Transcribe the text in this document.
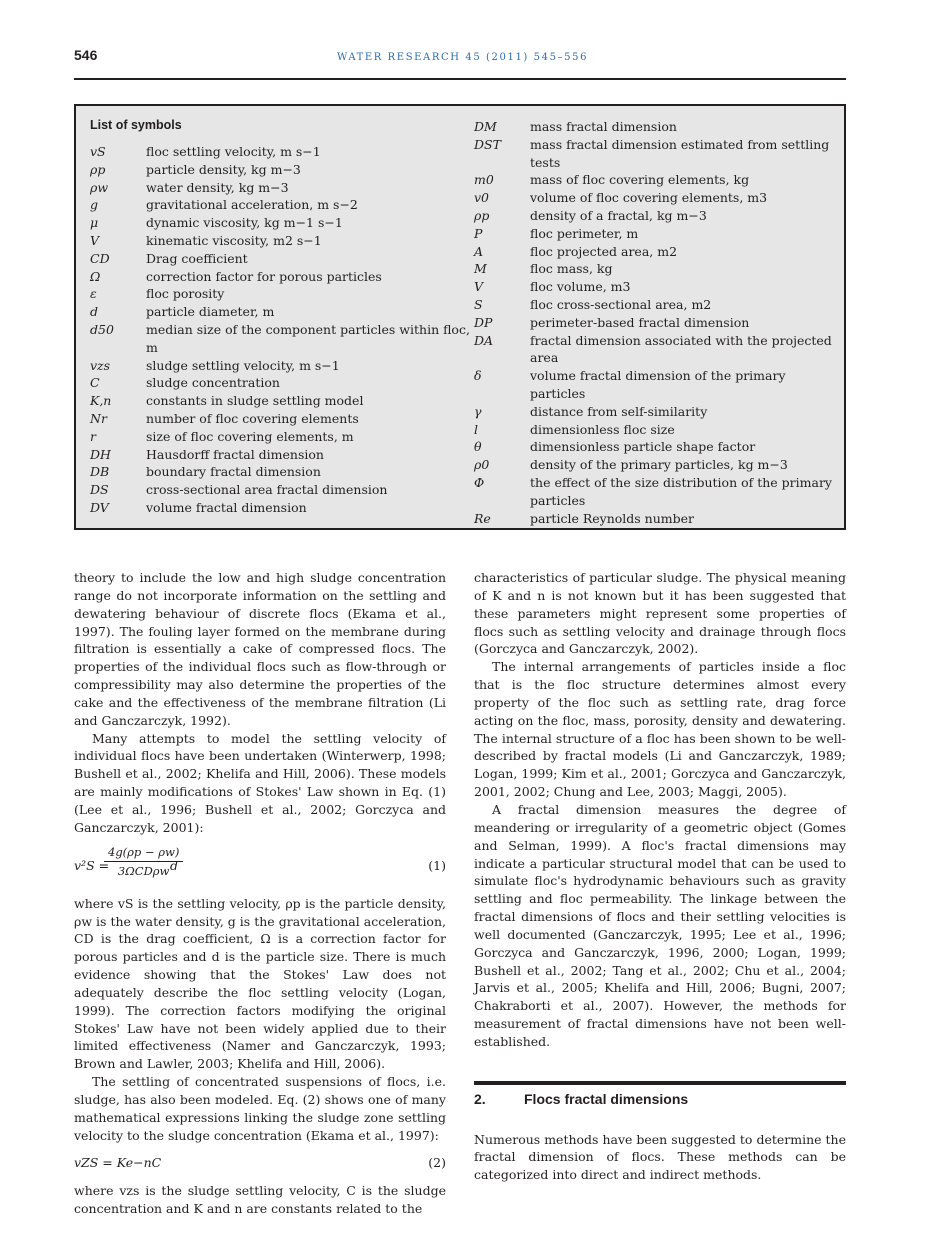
546	WATER RESEARCH 45 (2011) 545–556
List of symbols
vS	floc settling velocity, m s−1
ρp	particle density, kg m−3
ρw	water density, kg m−3
g	gravitational acceleration, m s−2
μ	dynamic viscosity, kg m−1 s−1
V	kinematic viscosity, m2 s−1
CD	Drag coefficient
Ω	correction factor for porous particles
ε	floc porosity
d	particle diameter, m
d50	median size of the component particles within floc, m
vzs	sludge settling velocity, m s−1
C	sludge concentration
K,n	constants in sludge settling model
Nr	number of floc covering elements
r	size of floc covering elements, m
DH	Hausdorff fractal dimension
DB	boundary fractal dimension
DS	cross-sectional area fractal dimension
DV	volume fractal dimension
DM	mass fractal dimension
DST	mass fractal dimension estimated from settling tests
m0	mass of floc covering elements, kg
v0	volume of floc covering elements, m3
ρp	density of a fractal, kg m−3
P	floc perimeter, m
A	floc projected area, m2
M	floc mass, kg
V	floc volume, m3
S	floc cross-sectional area, m2
DP	perimeter-based fractal dimension
DA	fractal dimension associated with the projected area
δ	volume fractal dimension of the primary particles
γ	distance from self-similarity
l	dimensionless floc size
θ	dimensionless particle shape factor
ρ0	density of the primary particles, kg m−3
Φ	the effect of the size distribution of the primary particles
Re	particle Reynolds number

theory to include the low and high sludge concentration range do not incorporate information on the settling and dewatering behaviour of discrete flocs (Ekama et al., 1997). The fouling layer formed on the membrane during filtration is essentially a cake of compressed flocs. The properties of the individual flocs such as flow-through or compressibility may also determine the properties of the cake and the effectiveness of the membrane filtration (Li and Ganczarczyk, 1992).

Many attempts to model the settling velocity of individual flocs have been undertaken (Winterwerp, 1998; Bushell et al., 2002; Khelifa and Hill, 2006). These models are mainly modifications of Stokes' Law shown in Eq. (1) (Lee et al., 1996; Bushell et al., 2002; Gorczyca and Ganczarczyk, 2001):

v²S =
4g(ρp − ρw)
3ΩCDρw d	(1)

where vS is the settling velocity, ρp is the particle density, ρw is the water density, g is the gravitational acceleration, CD is the drag coefficient, Ω is a correction factor for porous particles and d is the particle size. There is much evidence showing that the Stokes' Law does not adequately describe the floc settling velocity (Logan, 1999). The correction factors modifying the original Stokes' Law have not been widely applied due to their limited effectiveness (Namer and Ganczarczyk, 1993; Brown and Lawler, 2003; Khelifa and Hill, 2006).

The settling of concentrated suspensions of flocs, i.e. sludge, has also been modeled. Eq. (2) shows one of many mathematical expressions linking the sludge zone settling velocity to the sludge concentration (Ekama et al., 1997):

vZS = Ke−nC	(2)

where vzs is the sludge settling velocity, C is the sludge concentration and K and n are constants related to the

characteristics of particular sludge. The physical meaning of K and n is not known but it has been suggested that these parameters might represent some properties of flocs such as settling velocity and drainage through flocs (Gorczyca and Ganczarczyk, 2002).

The internal arrangements of particles inside a floc that is the floc structure determines almost every property of the floc such as settling rate, drag force acting on the floc, mass, porosity, density and dewatering. The internal structure of a floc has been shown to be well-described by fractal models (Li and Ganczarczyk, 1989; Logan, 1999; Kim et al., 2001; Gorczyca and Ganczarczyk, 2001, 2002; Chung and Lee, 2003; Maggi, 2005).

A fractal dimension measures the degree of meandering or irregularity of a geometric object (Gomes and Selman, 1999). A floc's fractal dimensions may indicate a particular structural model that can be used to simulate floc's hydrodynamic behaviours such as gravity settling and floc permeability. The linkage between the fractal dimensions of flocs and their settling velocities is well documented (Ganczarczyk, 1995; Lee et al., 1996; Gorczyca and Ganczarczyk, 1996, 2000; Logan, 1999; Bushell et al., 2002; Tang et al., 2002; Chu et al., 2004; Jarvis et al., 2005; Khelifa and Hill, 2006; Bugni, 2007; Chakraborti et al., 2007). However, the methods for measurement of fractal dimensions have not been well-established.

2.	Flocs fractal dimensions

Numerous methods have been suggested to determine the fractal dimension of flocs. These methods can be categorized into direct and indirect methods.
